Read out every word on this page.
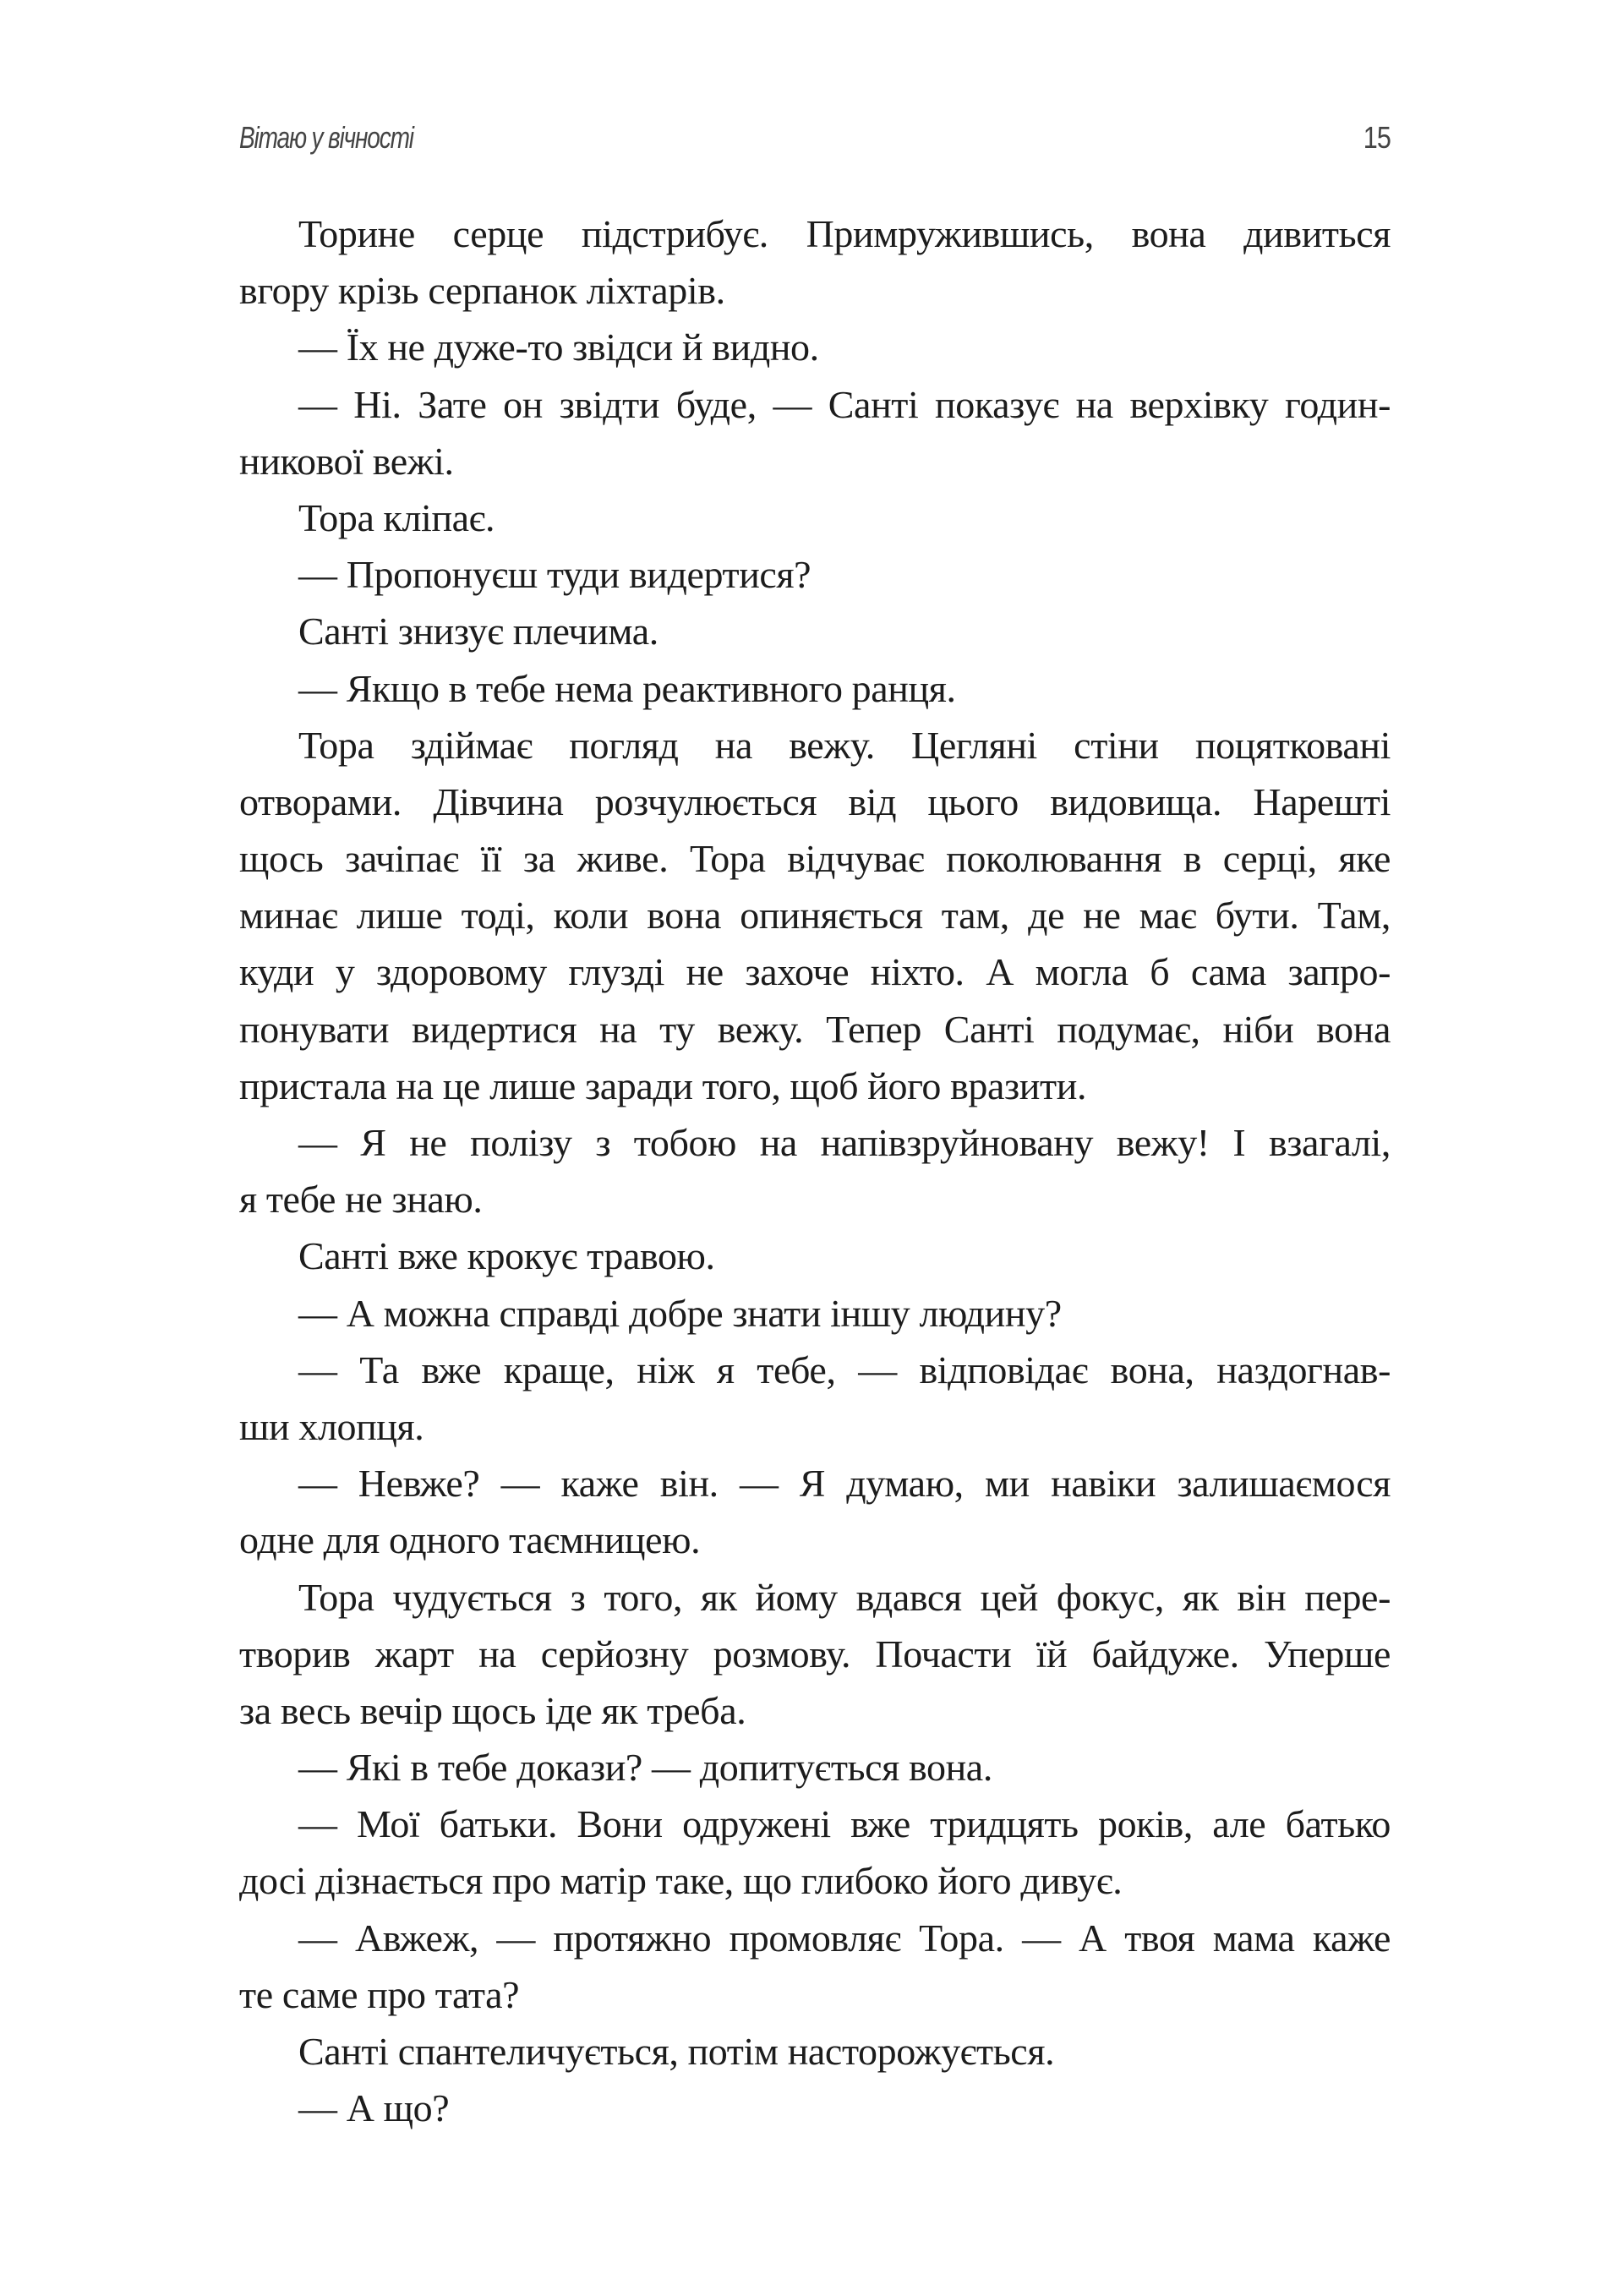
Вітаю у вічності	15
Торине серце підстрибує. Примружившись, вона дивиться
вгору крізь серпанок ліхтарів.
— Їх не дуже-то звідси й видно.
— Ні. Зате он звідти буде, — Санті показує на верхівку годин-
никової вежі.
Тора кліпає.
— Пропонуєш туди видертися?
Санті знизує плечима.
— Якщо в тебе нема реактивного ранця.
Тора здіймає погляд на вежу. Цегляні стіни поцятковані
отворами. Дівчина розчулюється від цього видовища. Нарешті
щось зачіпає її за живе. Тора відчуває поколювання в серці, яке
минає лише тоді, коли вона опиняється там, де не має бути. Там,
куди у здоровому глузді не захоче ніхто. А могла б сама запро-
понувати видертися на ту вежу. Тепер Санті подумає, ніби вона
пристала на це лише заради того, щоб його вразити.
— Я не полізу з тобою на напівзруйновану вежу! І взагалі,
я тебе не знаю.
Санті вже крокує травою.
— А можна справді добре знати іншу людину?
— Та вже краще, ніж я тебе, — відповідає вона, наздогнав-
ши хлопця.
— Невже? — каже він. — Я думаю, ми навіки залишаємося
одне для одного таємницею.
Тора чудується з того, як йому вдався цей фокус, як він пере-
творив жарт на серйозну розмову. Почасти їй байдуже. Уперше
за весь вечір щось іде як треба.
— Які в тебе докази? — допитується вона.
— Мої батьки. Вони одружені вже тридцять років, але батько
досі дізнається про матір таке, що глибоко його дивує.
— Авжеж, — протяжно промовляє Тора. — А твоя мама каже
те саме про тата?
Санті спантеличується, потім насторожується.
— А що?
